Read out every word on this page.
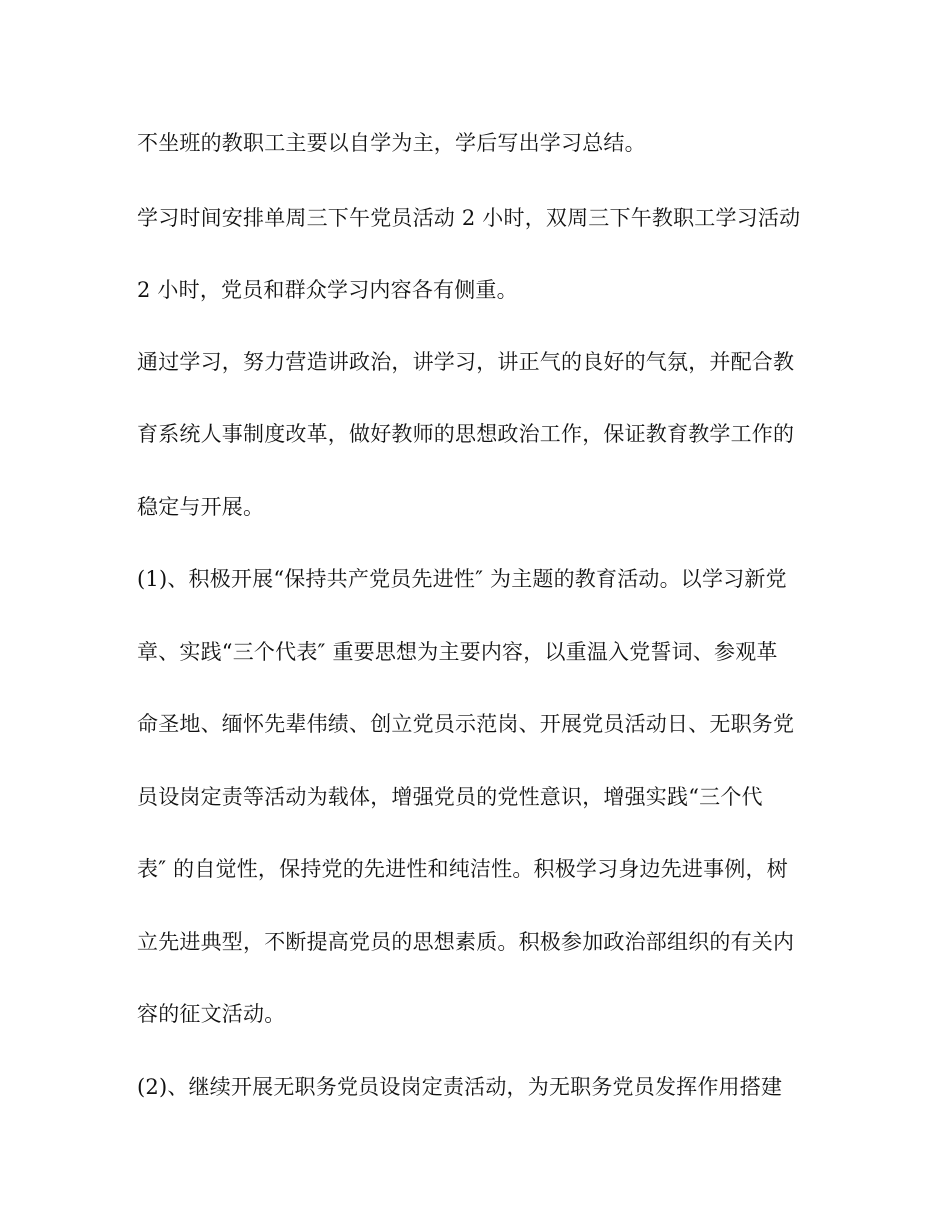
不坐班的教职工主要以自学为主，学后写出学习总结。
学习时间安排单周三下午党员活动 2 小时，双周三下午教职工学习活动
2 小时，党员和群众学习内容各有侧重。
通过学习，努力营造讲政治，讲学习，讲正气的良好的气氛，并配合教
育系统人事制度改革，做好教师的思想政治工作，保证教育教学工作的
稳定与开展。
(1)、积极开展“保持共产党员先进性″ 为主题的教育活动。以学习新党
章、实践“三个代表″ 重要思想为主要内容，以重温入党誓词、参观革
命圣地、缅怀先辈伟绩、创立党员示范岗、开展党员活动日、无职务党
员设岗定责等活动为载体，增强党员的党性意识，增强实践“三个代
表″ 的自觉性，保持党的先进性和纯洁性。积极学习身边先进事例，树
立先进典型，不断提高党员的思想素质。积极参加政治部组织的有关内
容的征文活动。
(2)、继续开展无职务党员设岗定责活动，为无职务党员发挥作用搭建
